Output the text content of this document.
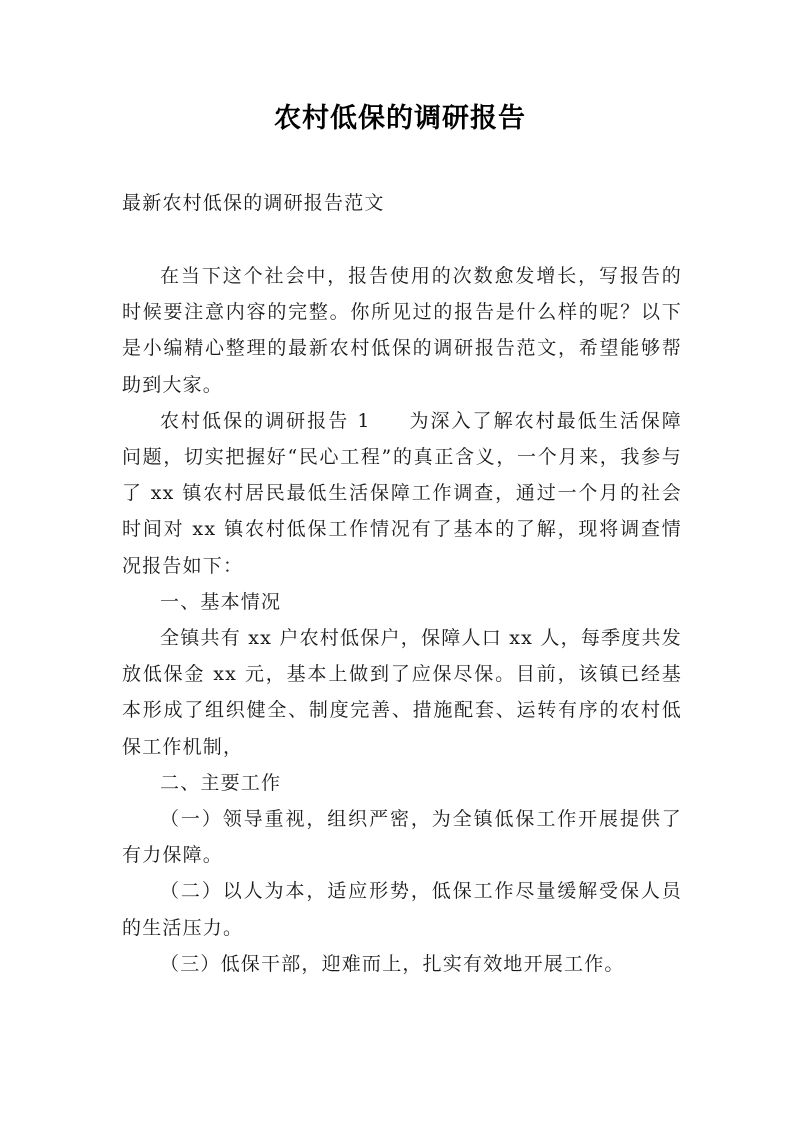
农村低保的调研报告

最新农村低保的调研报告范文

在当下这个社会中，报告使用的次数愈发增长，写报告的时候要注意内容的完整。你所见过的报告是什么样的呢？以下是小编精心整理的最新农村低保的调研报告范文，希望能够帮助到大家。

农村低保的调研报告 1 为深入了解农村最低生活保障问题，切实把握好“民心工程”的真正含义，一个月来，我参与了 xx 镇农村居民最低生活保障工作调查，通过一个月的社会时间对 xx 镇农村低保工作情况有了基本的了解，现将调查情况报告如下：

一、基本情况

全镇共有 xx 户农村低保户，保障人口 xx 人，每季度共发放低保金 xx 元，基本上做到了应保尽保。目前，该镇已经基本形成了组织健全、制度完善、措施配套、运转有序的农村低保工作机制，

二、主要工作

（一）领导重视，组织严密，为全镇低保工作开展提供了有力保障。

（二）以人为本，适应形势，低保工作尽量缓解受保人员的生活压力。

（三）低保干部，迎难而上，扎实有效地开展工作。
